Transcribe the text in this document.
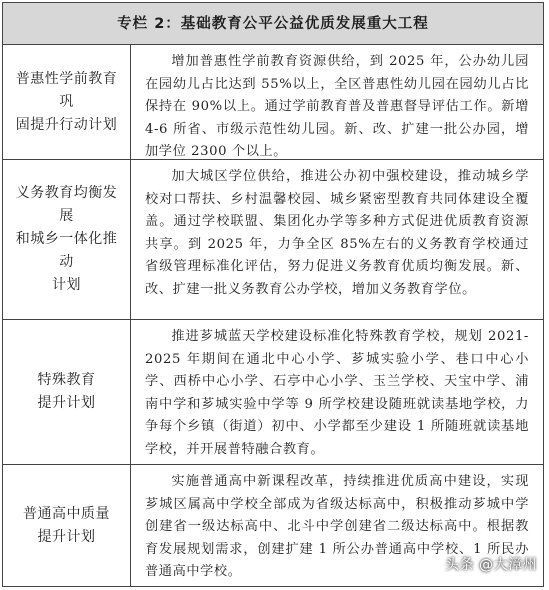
专栏 2：基础教育公平公益优质发展重大工程
普惠性学前教育巩
固提升行动计划
增加普惠性学前教育资源供给，到 2025 年，公办幼儿园在园幼儿占比达到 55%以上，全区普惠性幼儿园在园幼儿占比保持在 90%以上。通过学前教育普及普惠督导评估工作。新增 4-6 所省、市级示范性幼儿园。新、改、扩建一批公办园，增加学位 2300 个以上。
义务教育均衡发展
和城乡一体化推动
计划
加大城区学位供给，推进公办初中强校建设，推动城乡学校对口帮扶、乡村温馨校园、城乡紧密型教育共同体建设全覆盖。通过学校联盟、集团化办学等多种方式促进优质教育资源共享。到 2025 年，力争全区 85%左右的义务教育学校通过省级管理标准化评估，努力促进义务教育优质均衡发展。新、改、扩建一批义务教育公办学校，增加义务教育学位。
特殊教育
提升计划
推进芗城蓝天学校建设标准化特殊教育学校，规划 2021-2025 年期间在通北中心小学、芗城实验小学、巷口中心小学、西桥中心小学、石亭中心小学、玉兰学校、天宝中学、浦南中学和芗城实验中学等 9 所学校建设随班就读基地学校，力争每个乡镇（街道）初中、小学都至少建设 1 所随班就读基地学校，并开展普特融合教育。
普通高中质量
提升计划
实施普通高中新课程改革，持续推进优质高中建设，实现芗城区属高中学校全部成为省级达标高中，积极推动芗城中学创建省一级达标高中、北斗中学创建省二级达标高中。根据教育发展规划需求，创建扩建 1 所公办普通高中学校、1 所民办普通高中学校。	头条 @大漳州
